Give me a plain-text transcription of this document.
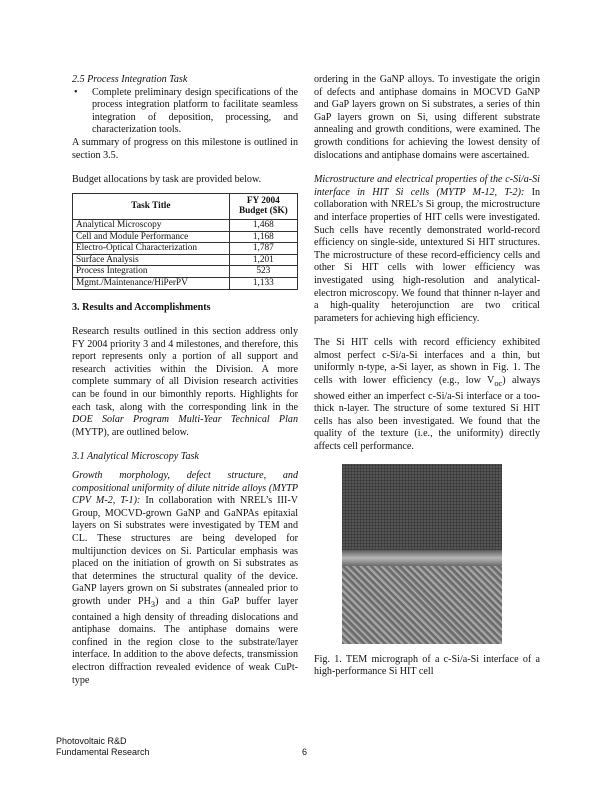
2.5 Process Integration Task

•	Complete preliminary design specifications of the process integration platform to facilitate seamless integration of deposition, processing, and characterization tools.

A summary of progress on this milestone is outlined in section 3.5.

Budget allocations by task are provided below.

Task Title	FY 2004
Budget ($K)
Analytical Microscopy	1,468
Cell and Module Performance	1,168
Electro-Optical Characterization	1,787
Surface Analysis	1,201
Process Integration	523
Mgmt./Maintenance/HiPerPV	1,133

3. Results and Accomplishments

Research results outlined in this section address only FY 2004 priority 3 and 4 milestones, and therefore, this report represents only a portion of all support and research activities within the Division. A more complete summary of all Division research activities can be found in our bimonthly reports. Highlights for each task, along with the corresponding link in the DOE Solar Program Multi-Year Technical Plan (MYTP), are outlined below.

3.1 Analytical Microscopy Task

Growth morphology, defect structure, and compositional uniformity of dilute nitride alloys (MYTP CPV M-2, T-1): In collaboration with NREL’s III-V Group, MOCVD-grown GaNP and GaNPAs epitaxial layers on Si substrates were investigated by TEM and CL. These structures are being developed for multijunction devices on Si. Particular emphasis was placed on the initiation of growth on Si substrates as that determines the structural quality of the device. GaNP layers grown on Si substrates (annealed prior to growth under $PH_3$) and a thin GaP buffer layer contained a high density of threading dislocations and antiphase domains. The antiphase domains were confined in the region close to the substrate/layer interface. In addition to the above defects, transmission electron diffraction revealed evidence of weak CuPt-type

ordering in the GaNP alloys. To investigate the origin of defects and antiphase domains in MOCVD GaNP and GaP layers grown on Si substrates, a series of thin GaP layers grown on Si, using different substrate annealing and growth conditions, were examined. The growth conditions for achieving the lowest density of dislocations and antiphase domains were ascertained.

Microstructure and electrical properties of the c-Si/a-Si interface in HIT Si cells (MYTP M-12, T-2): In collaboration with NREL’s Si group, the microstructure and interface properties of HIT cells were investigated. Such cells have recently demonstrated world-record efficiency on single-side, untextured Si HIT structures. The microstructure of these record-efficiency cells and other Si HIT cells with lower efficiency was investigated using high-resolution and analytical-electron microscopy. We found that thinner n-layer and a high-quality heterojunction are two critical parameters for achieving high efficiency.

The Si HIT cells with record efficiency exhibited almost perfect c-Si/a-Si interfaces and a thin, but uniformly n-type, a-Si layer, as shown in Fig. 1. The cells with lower efficiency (e.g., low $V_{oc}$) always showed either an imperfect c-Si/a-Si interface or a too-thick n-layer. The structure of some textured Si HIT cells has also been investigated. We found that the quality of the texture (i.e., the uniformity) directly affects cell performance.

Fig. 1. TEM micrograph of a c-Si/a-Si interface of a high-performance Si HIT cell

Photovoltaic R&D
Fundamental Research	6
